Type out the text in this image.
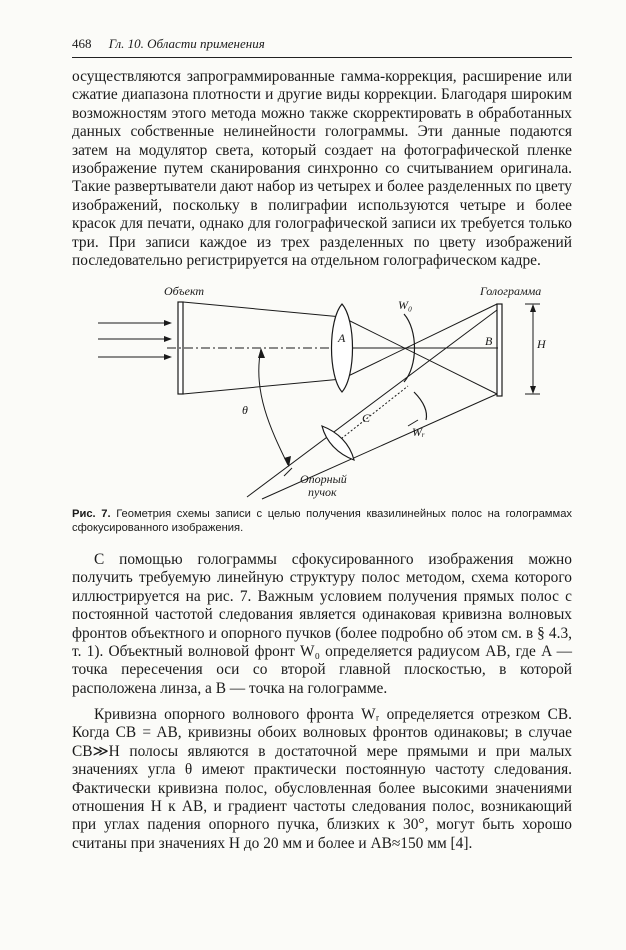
468 Гл. 10. Области применения

осуществляются запрограммированные гамма-коррекция, расширение или сжатие диапазона плотности и другие виды коррекции. Благодаря широким возможностям этого метода можно также скорректировать в обработанных данных собственные нелинейности голограммы. Эти данные подаются затем на модулятор света, который создает на фотографической пленке изображение путем сканирования синхронно со считыванием оригинала. Такие развертыватели дают набор из четырех и более разделенных по цвету изображений, поскольку в полиграфии используются четыре и более красок для печати, однако для голографической записи их требуется только три. При записи каждое из трех разделенных по цвету изображений последовательно регистрируется на отдельном голографическом кадре.

Объект	Голограмма
W₀
A	B	H
C
θ
Wᵣ
Опорный
пучок

Рис. 7. Геометрия схемы записи с целью получения квазилинейных полос на голограммах сфокусированного изображения.

С помощью голограммы сфокусированного изображения можно получить требуемую линейную структуру полос методом, схема которого иллюстрируется на рис. 7. Важным условием получения прямых полос с постоянной частотой следования является одинаковая кривизна волновых фронтов объектного и опорного пучков (более подробно об этом см. в § 4.3, т. 1). Объектный волновой фронт W₀ определяется радиусом AB, где A — точка пересечения оси со второй главной плоскостью, в которой расположена линза, а B — точка на голограмме.

Кривизна опорного волнового фронта Wᵣ определяется отрезком CB. Когда CB = AB, кривизны обоих волновых фронтов одинаковы; в случае CB≫H полосы являются в достаточной мере прямыми и при малых значениях угла θ имеют практически постоянную частоту следования. Фактически кривизна полос, обусловленная более высокими значениями отношения H к AB, и градиент частоты следования полос, возникающий при углах падения опорного пучка, близких к 30°, могут быть хорошо считаны при значениях H до 20 мм и более и AB≈150 мм [4].
